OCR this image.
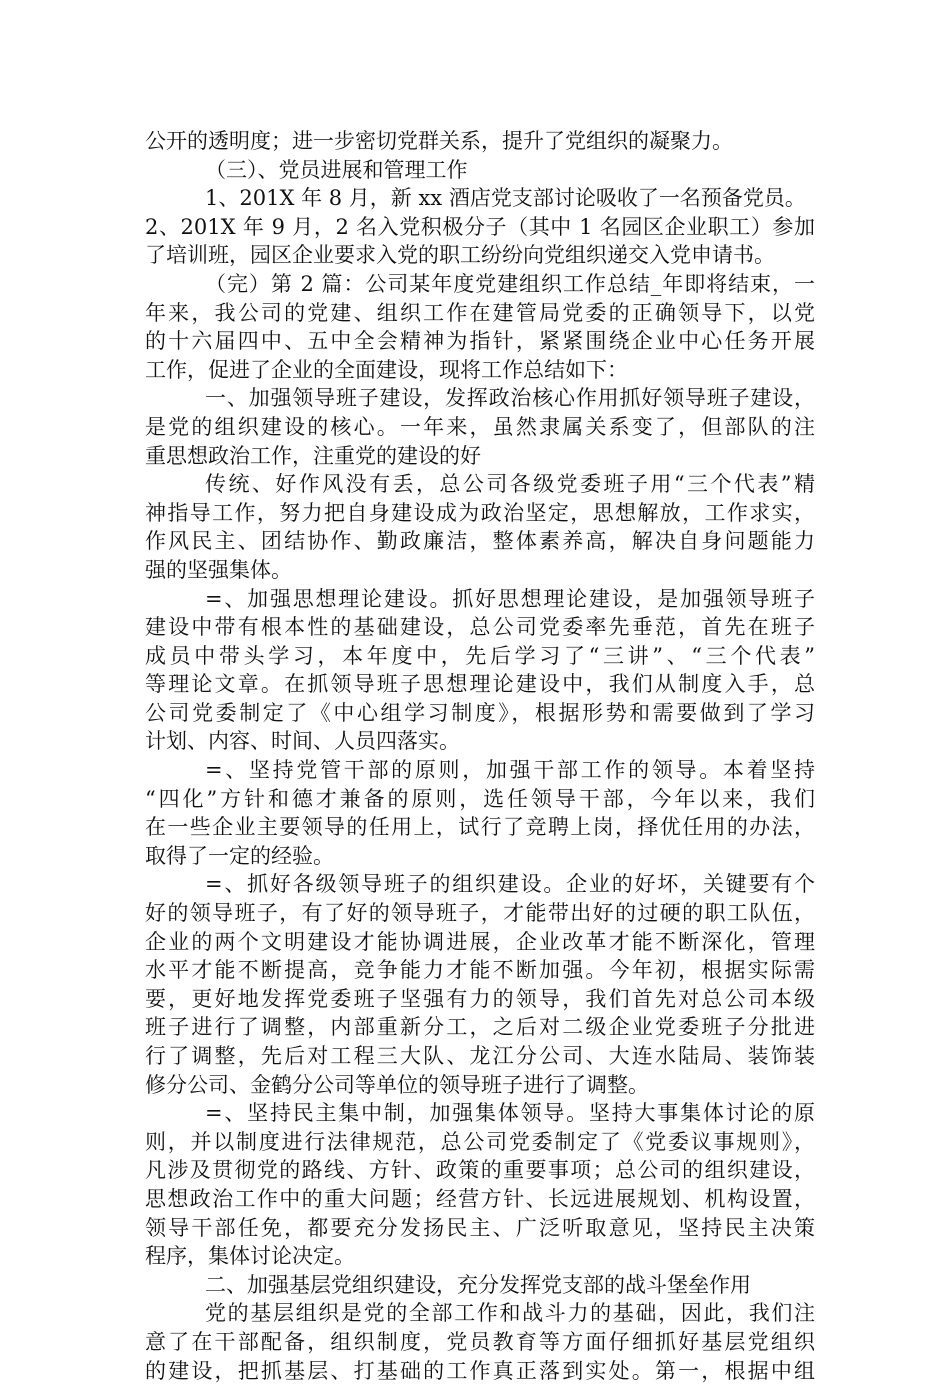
公开的透明度；进一步密切党群关系，提升了党组织的凝聚力。
（三）、党员进展和管理工作
1、201X 年 8 月，新 xx 酒店党支部讨论吸收了一名预备党员。
2、201X 年 9 月，2 名入党积极分子（其中 1 名园区企业职工）参加
了培训班，园区企业要求入党的职工纷纷向党组织递交入党申请书。
（完）第 2 篇：公司某年度党建组织工作总结_年即将结束，一
年来，我公司的党建、组织工作在建管局党委的正确领导下，以党
的十六届四中、五中全会精神为指针，紧紧围绕企业中心任务开展
工作，促进了企业的全面建设，现将工作总结如下：
一、加强领导班子建设，发挥政治核心作用抓好领导班子建设，
是党的组织建设的核心。一年来，虽然隶属关系变了，但部队的注
重思想政治工作，注重党的建设的好
传统、好作风没有丢，总公司各级党委班子用“三个代表”精
神指导工作，努力把自身建设成为政治坚定，思想解放，工作求实，
作风民主、团结协作、勤政廉洁，整体素养高，解决自身问题能力
强的坚强集体。
=、加强思想理论建设。抓好思想理论建设，是加强领导班子
建设中带有根本性的基础建设，总公司党委率先垂范，首先在班子
成员中带头学习，本年度中，先后学习了“三讲”、“三个代表”
等理论文章。在抓领导班子思想理论建设中，我们从制度入手，总
公司党委制定了《中心组学习制度》，根据形势和需要做到了学习
计划、内容、时间、人员四落实。
=、坚持党管干部的原则，加强干部工作的领导。本着坚持
“四化”方针和德才兼备的原则，选任领导干部，今年以来，我们
在一些企业主要领导的任用上，试行了竞聘上岗，择优任用的办法，
取得了一定的经验。
=、抓好各级领导班子的组织建设。企业的好坏，关键要有个
好的领导班子，有了好的领导班子，才能带出好的过硬的职工队伍，
企业的两个文明建设才能协调进展，企业改革才能不断深化，管理
水平才能不断提高，竞争能力才能不断加强。今年初，根据实际需
要，更好地发挥党委班子坚强有力的领导，我们首先对总公司本级
班子进行了调整，内部重新分工，之后对二级企业党委班子分批进
行了调整，先后对工程三大队、龙江分公司、大连水陆局、装饰装
修分公司、金鹤分公司等单位的领导班子进行了调整。
=、坚持民主集中制，加强集体领导。坚持大事集体讨论的原
则，并以制度进行法律规范，总公司党委制定了《党委议事规则》，
凡涉及贯彻党的路线、方针、政策的重要事项；总公司的组织建设，
思想政治工作中的重大问题；经营方针、长远进展规划、机构设置，
领导干部任免，都要充分发扬民主、广泛听取意见，坚持民主决策
程序，集体讨论决定。
二、加强基层党组织建设，充分发挥党支部的战斗堡垒作用
党的基层组织是党的全部工作和战斗力的基础，因此，我们注
意了在干部配备，组织制度，党员教育等方面仔细抓好基层党组织
的建设，把抓基层、打基础的工作真正落到实处。第一，根据中组
